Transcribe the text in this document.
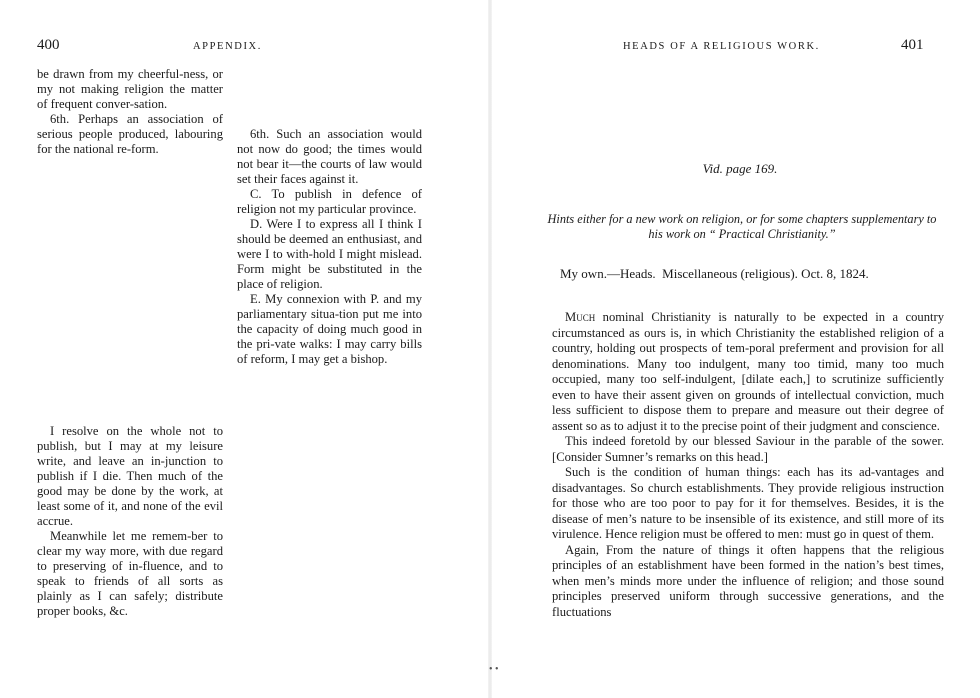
400	APPENDIX.

be drawn from my cheerful-ness, or my not making religion the matter of frequent conver-sation.

6th. Perhaps an association of serious people produced, labouring for the national re-form.

I resolve on the whole not to publish, but I may at my leisure write, and leave an in-junction to publish if I die. Then much of the good may be done by the work, at least some of it, and none of the evil accrue.

Meanwhile let me remem-ber to clear my way more, with due regard to preserving of in-fluence, and to speak to friends of all sorts as plainly as I can safely; distribute proper books, &c.

6th. Such an association would not now do good; the times would not bear it—the courts of law would set their faces against it.

C. To publish in defence of religion not my particular province.

D. Were I to express all I think I should be deemed an enthusiast, and were I to with-hold I might mislead. Form might be substituted in the place of religion.

E. My connexion with P. and my parliamentary situa-tion put me into the capacity of doing much good in the pri-vate walks: I may carry bills of reform, I may get a bishop.

• •
HEADS OF A RELIGIOUS WORK.	401
Vid. page 169.
Hints either for a new work on religion, or for some chapters supplementary to his work on “ Practical Christianity.”
My own.—Heads.  Miscellaneous (religious). Oct. 8, 1824.

Much nominal Christianity is naturally to be expected in a country circumstanced as ours is, in which Christianity the established religion of a country, holding out prospects of tem-poral preferment and provision for all denominations. Many too indulgent, many too timid, many too much occupied, many too self-indulgent, [dilate each,] to scrutinize sufficiently even to have their assent given on grounds of intellectual conviction, much less sufficient to dispose them to prepare and measure out their degree of assent so as to adjust it to the precise point of their judgment and conscience.

This indeed foretold by our blessed Saviour in the parable of the sower. [Consider Sumner’s remarks on this head.]

Such is the condition of human things: each has its ad-vantages and disadvantages. So church establishments. They provide religious instruction for those who are too poor to pay for it for themselves. Besides, it is the disease of men’s nature to be insensible of its existence, and still more of its virulence. Hence religion must be offered to men: must go in quest of them.

Again, From the nature of things it often happens that the religious principles of an establishment have been formed in the nation’s best times, when men’s minds more under the influence of religion; and those sound principles preserved uniform through successive generations, and the fluctuations
